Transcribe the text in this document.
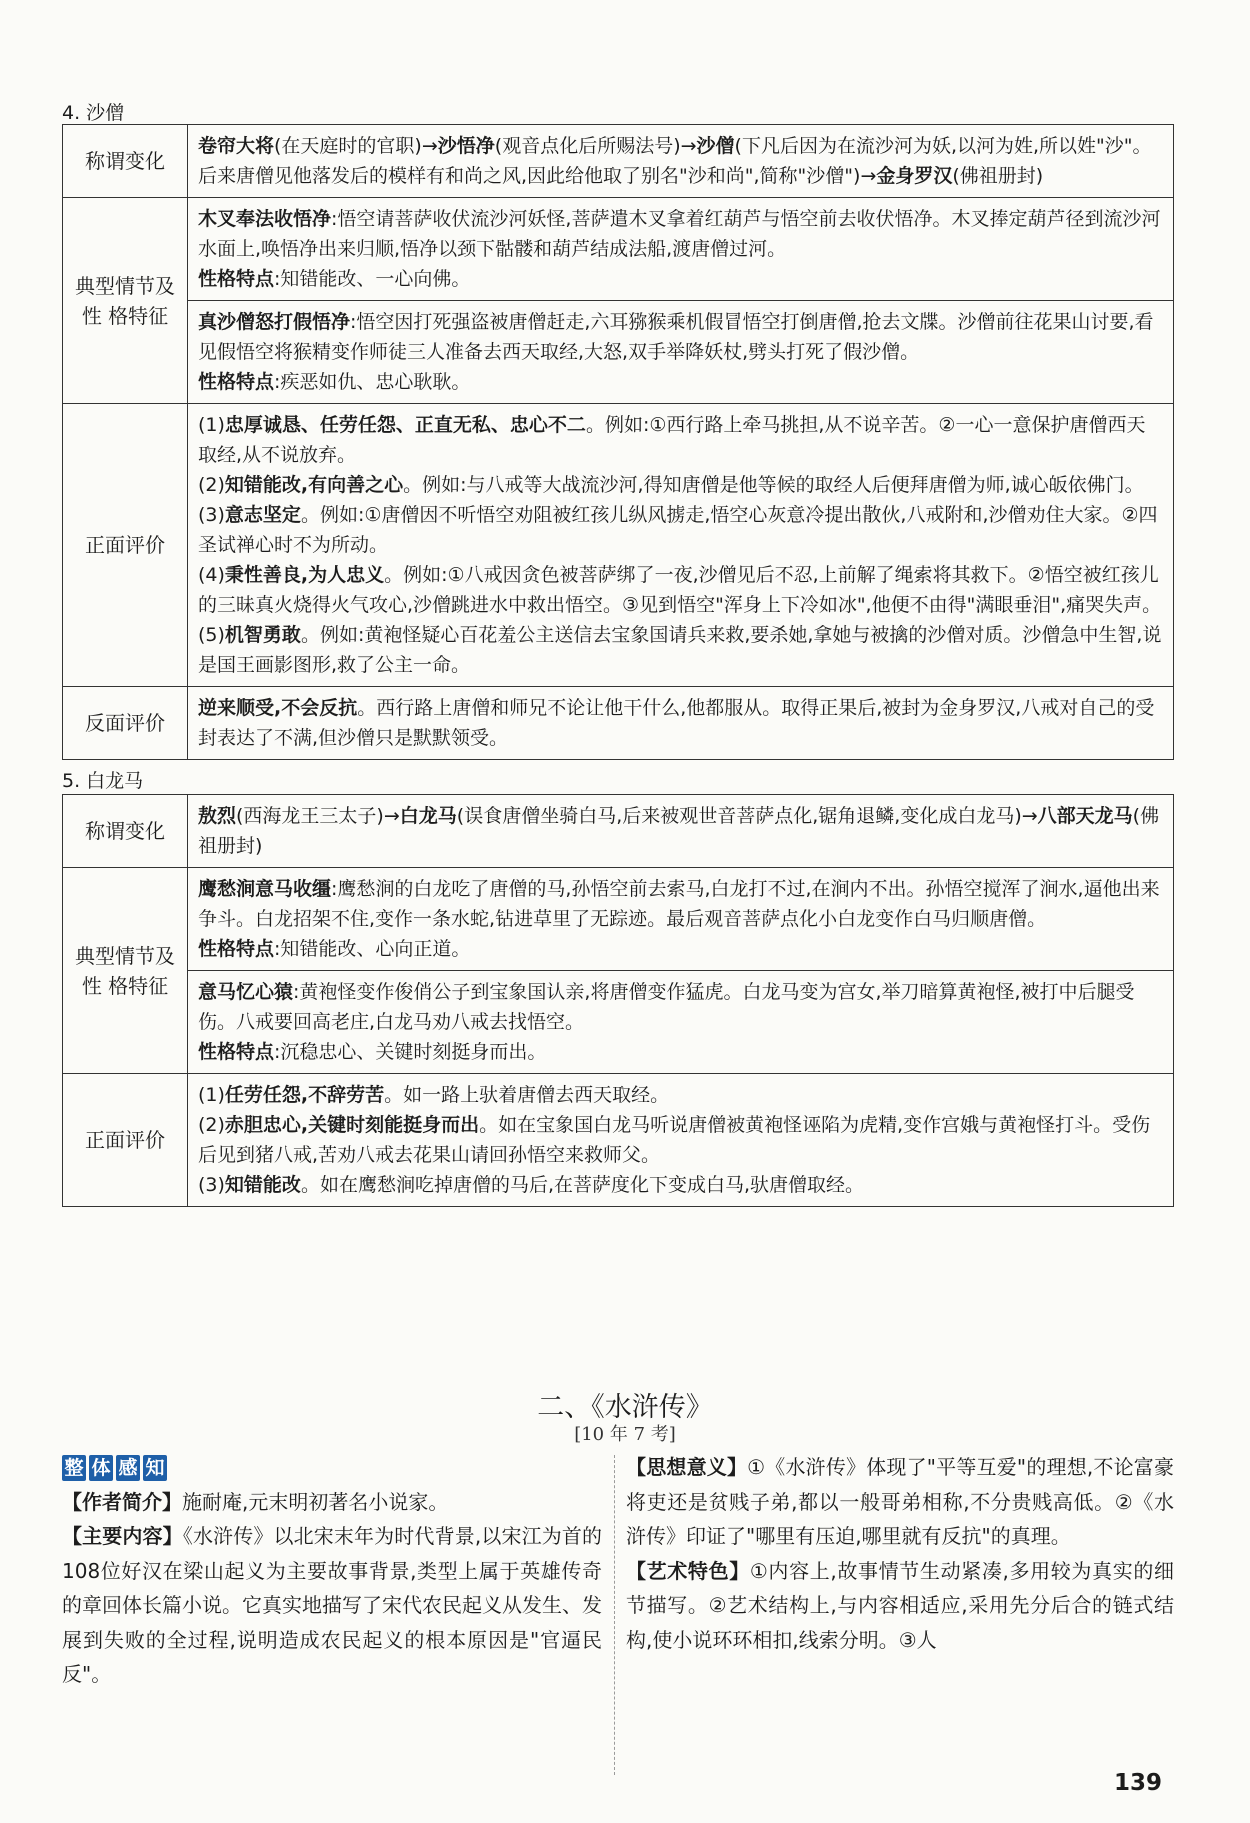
4. 沙僧
称谓变化	卷帘大将(在天庭时的官职)→沙悟净(观音点化后所赐法号)→沙僧(下凡后因为在流沙河为妖,以河为姓,所以姓"沙"。后来唐僧见他落发后的模样有和尚之风,因此给他取了别名"沙和尚",简称"沙僧")→金身罗汉(佛祖册封)

典型情节及 性 格特征	木叉奉法收悟净:悟空请菩萨收伏流沙河妖怪,菩萨遣木叉拿着红葫芦与悟空前去收伏悟净。木叉捧定葫芦径到流沙河水面上,唤悟净出来归顺,悟净以颈下骷髅和葫芦结成法船,渡唐僧过河。
性格特点:知错能改、一心向佛。

	真沙僧怒打假悟净:悟空因打死强盗被唐僧赶走,六耳猕猴乘机假冒悟空打倒唐僧,抢去文牒。沙僧前往花果山讨要,看见假悟空将猴精变作师徒三人准备去西天取经,大怒,双手举降妖杖,劈头打死了假沙僧。
性格特点:疾恶如仇、忠心耿耿。

正面评价	(1)忠厚诚恳、任劳任怨、正直无私、忠心不二。例如:①西行路上牵马挑担,从不说辛苦。②一心一意保护唐僧西天取经,从不说放弃。

(2)知错能改,有向善之心。例如:与八戒等大战流沙河,得知唐僧是他等候的取经人后便拜唐僧为师,诚心皈依佛门。

(3)意志坚定。例如:①唐僧因不听悟空劝阻被红孩儿纵风掳走,悟空心灰意冷提出散伙,八戒附和,沙僧劝住大家。②四圣试禅心时不为所动。

(4)秉性善良,为人忠义。例如:①八戒因贪色被菩萨绑了一夜,沙僧见后不忍,上前解了绳索将其救下。②悟空被红孩儿的三昧真火烧得火气攻心,沙僧跳进水中救出悟空。③见到悟空"浑身上下冷如冰",他便不由得"满眼垂泪",痛哭失声。

(5)机智勇敢。例如:黄袍怪疑心百花羞公主送信去宝象国请兵来救,要杀她,拿她与被擒的沙僧对质。沙僧急中生智,说是国王画影图形,救了公主一命。

反面评价	逆来顺受,不会反抗。西行路上唐僧和师兄不论让他干什么,他都服从。取得正果后,被封为金身罗汉,八戒对自己的受封表达了不满,但沙僧只是默默领受。

5. 白龙马
称谓变化	敖烈(西海龙王三太子)→白龙马(误食唐僧坐骑白马,后来被观世音菩萨点化,锯角退鳞,变化成白龙马)→八部天龙马(佛祖册封)

典型情节及 性 格特征	鹰愁涧意马收缰:鹰愁涧的白龙吃了唐僧的马,孙悟空前去索马,白龙打不过,在涧内不出。孙悟空搅浑了涧水,逼他出来争斗。白龙招架不住,变作一条水蛇,钻进草里了无踪迹。最后观音菩萨点化小白龙变作白马归顺唐僧。
性格特点:知错能改、心向正道。

	意马忆心猿:黄袍怪变作俊俏公子到宝象国认亲,将唐僧变作猛虎。白龙马变为宫女,举刀暗算黄袍怪,被打中后腿受伤。八戒要回高老庄,白龙马劝八戒去找悟空。
性格特点:沉稳忠心、关键时刻挺身而出。

正面评价	(1)任劳任怨,不辞劳苦。如一路上驮着唐僧去西天取经。

(2)赤胆忠心,关键时刻能挺身而出。如在宝象国白龙马听说唐僧被黄袍怪诬陷为虎精,变作宫娥与黄袍怪打斗。受伤后见到猪八戒,苦劝八戒去花果山请回孙悟空来救师父。

(3)知错能改。如在鹰愁涧吃掉唐僧的马后,在菩萨度化下变成白马,驮唐僧取经。

二、《水浒传》
[10 年 7 考]

整 体 感 知

【作者简介】施耐庵,元末明初著名小说家。

【主要内容】《水浒传》以北宋末年为时代背景,以宋江为首的108位好汉在梁山起义为主要故事背景,类型上属于英雄传奇的章回体长篇小说。它真实地描写了宋代农民起义从发生、发展到失败的全过程,说明造成农民起义的根本原因是"官逼民反"。

【思想意义】①《水浒传》体现了"平等互爱"的理想,不论富豪将吏还是贫贱子弟,都以一般哥弟相称,不分贵贱高低。②《水浒传》印证了"哪里有压迫,哪里就有反抗"的真理。

【艺术特色】①内容上,故事情节生动紧凑,多用较为真实的细节描写。②艺术结构上,与内容相适应,采用先分后合的链式结构,使小说环环相扣,线索分明。③人

139
